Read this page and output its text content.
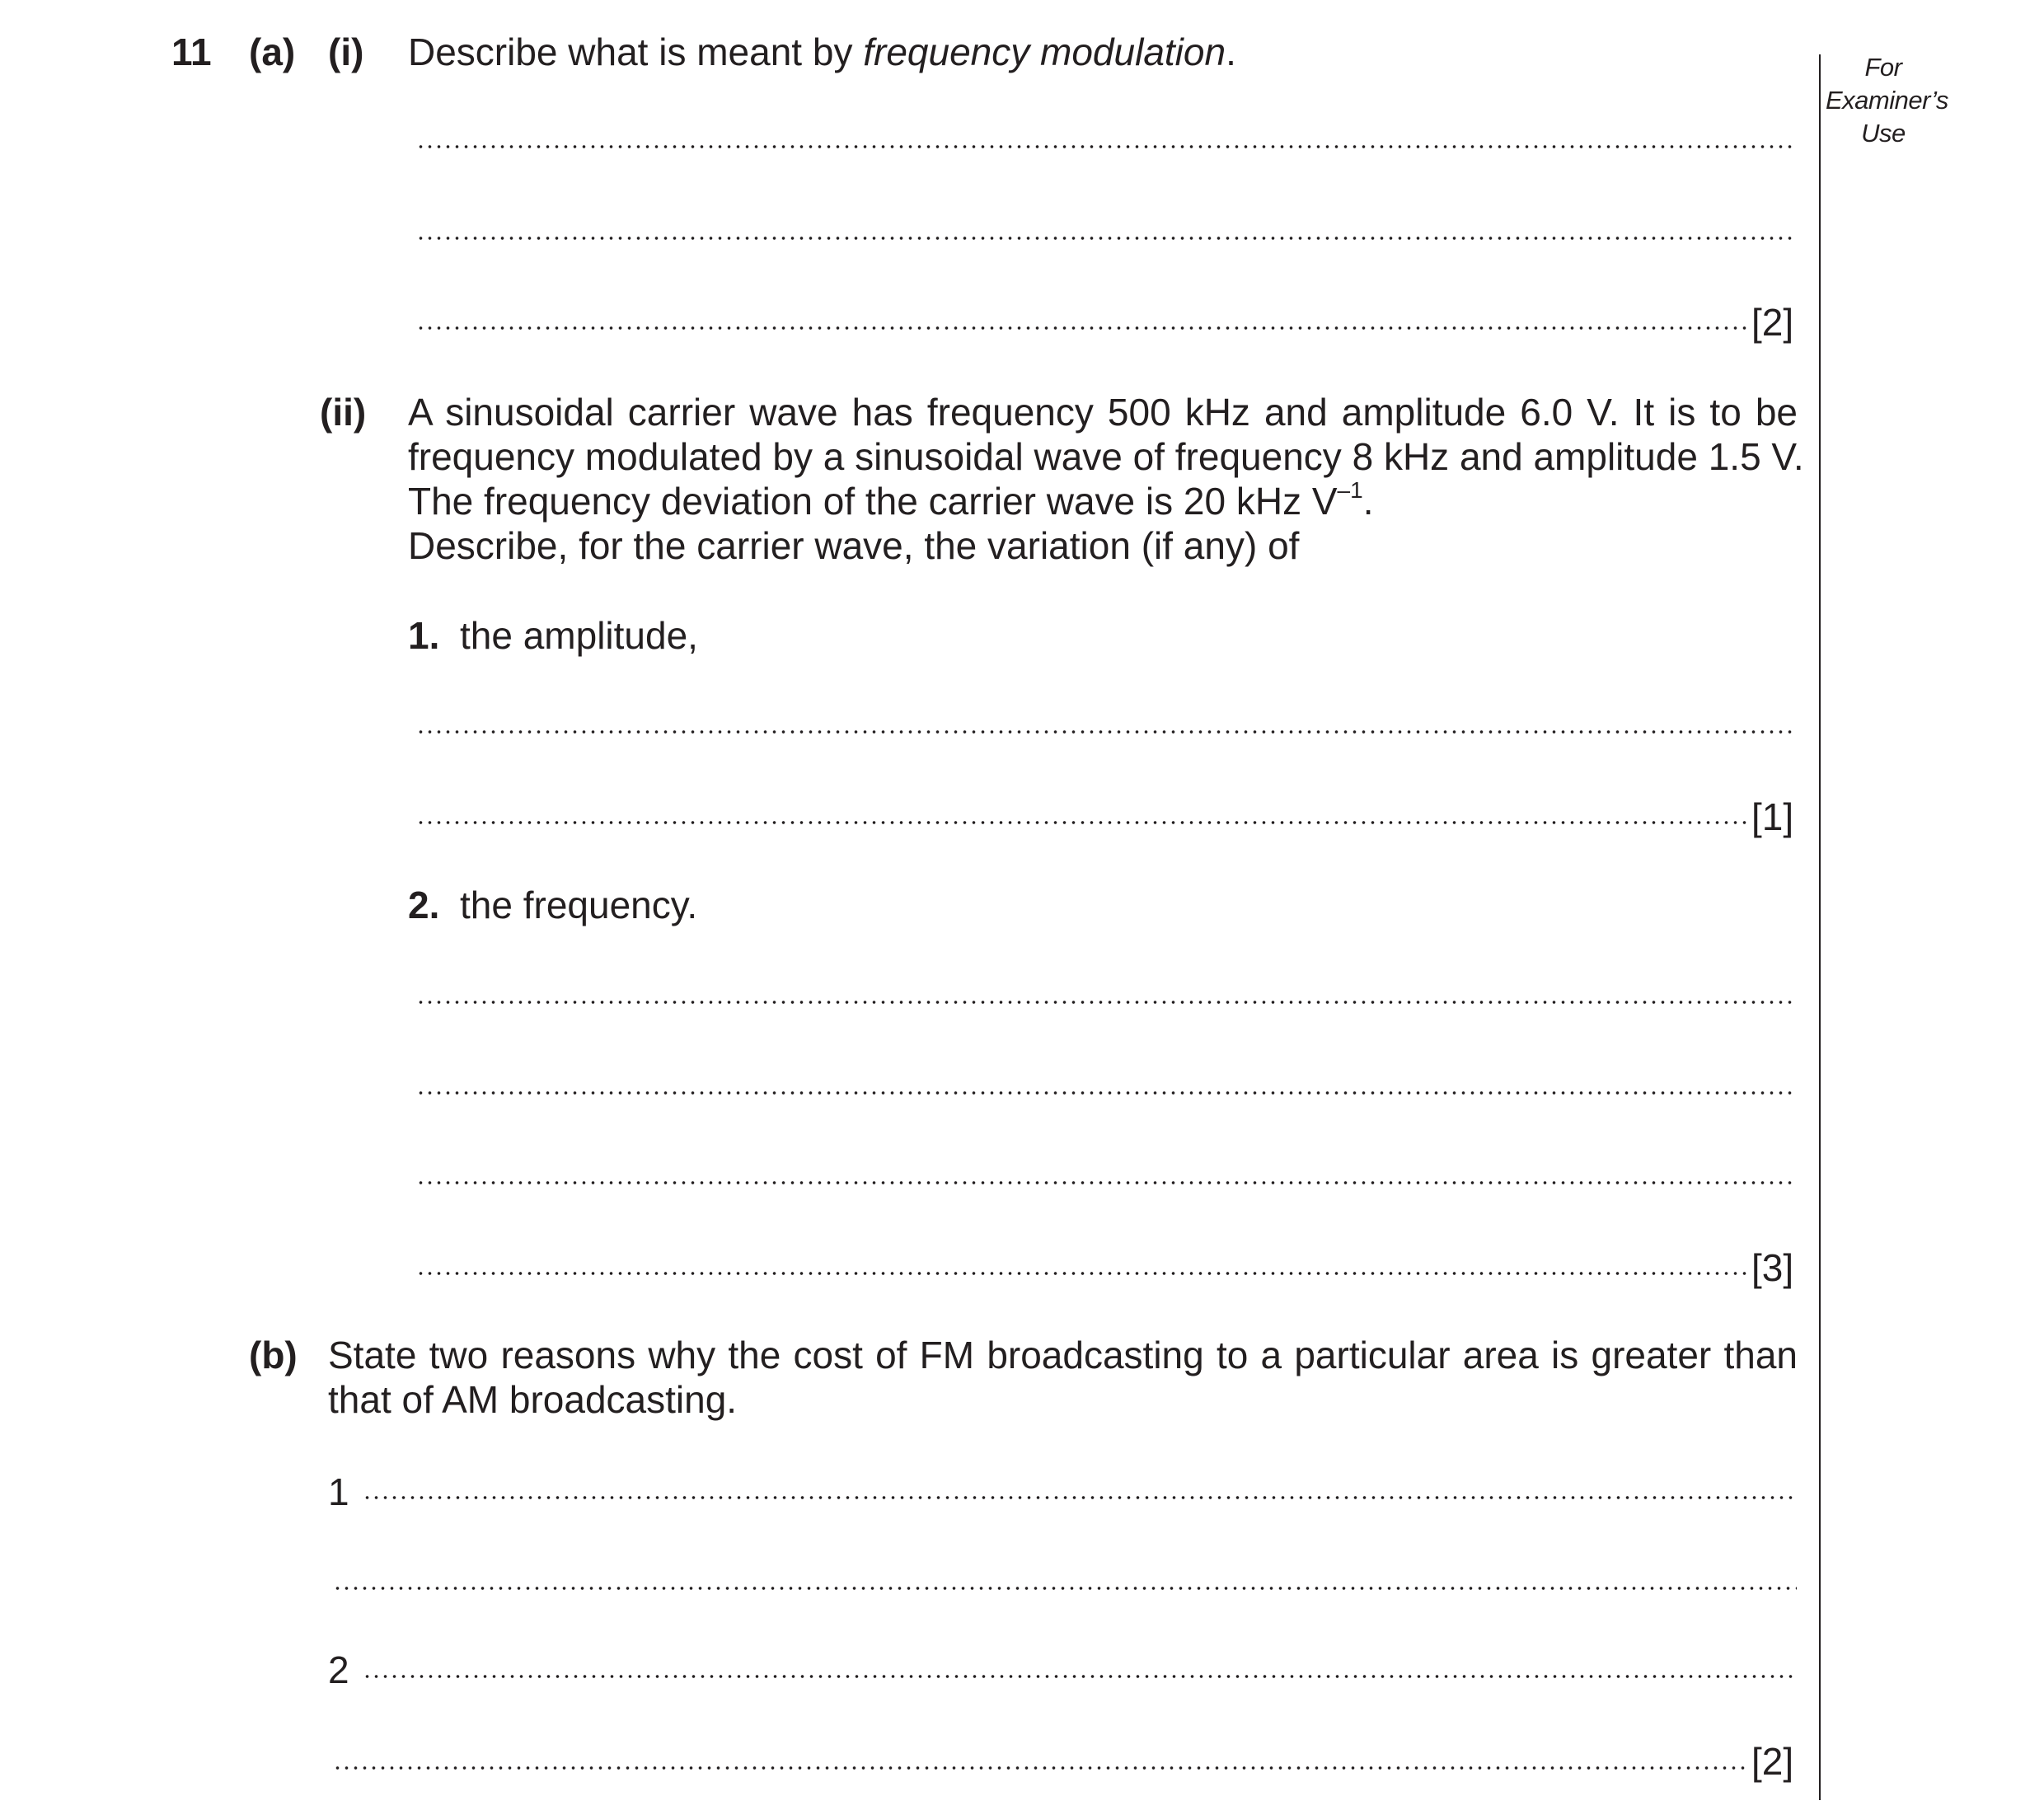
For
Examiner’s
Use
11 (a) (i) Describe what is meant by frequency modulation.
[2]
(ii) A sinusoidal carrier wave has frequency 500 kHz and amplitude 6.0 V. It is to be
frequency modulated by a sinusoidal wave of frequency 8 kHz and amplitude 1.5 V.
The frequency deviation of the carrier wave is 20 kHz $V^{-1}$.
Describe, for the carrier wave, the variation (if any) of
1. the amplitude,
[1]
2. the frequency.
[3]
(b) State two reasons why the cost of FM broadcasting to a particular area is greater than
that of AM broadcasting.
1
2
[2]
